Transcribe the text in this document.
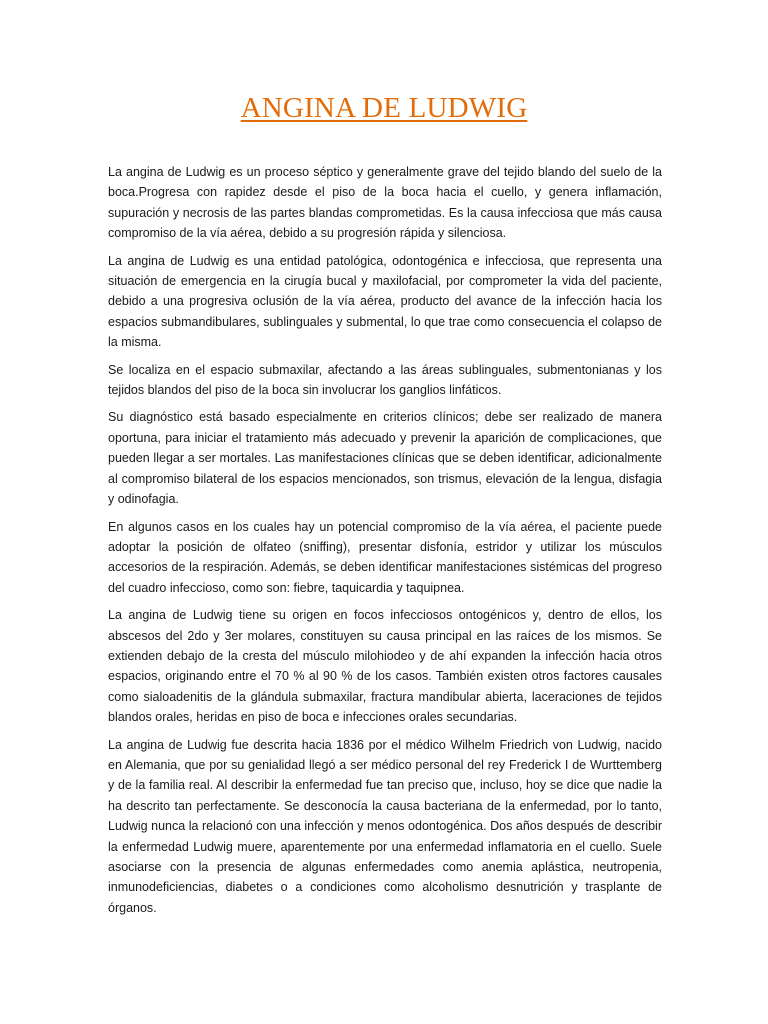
ANGINA DE LUDWIG

La angina de Ludwig es un proceso séptico y generalmente grave del tejido blando del suelo de la boca.Progresa con rapidez desde el piso de la boca hacia el cuello, y genera inflamación, supuración y necrosis de las partes blandas comprometidas. Es la causa infecciosa que más causa compromiso de la vía aérea, debido a su progresión rápida y silenciosa.

La angina de Ludwig es una entidad patológica, odontogénica e infecciosa, que representa una situación de emergencia en la cirugía bucal y maxilofacial, por comprometer la vida del paciente, debido a una progresiva oclusión de la vía aérea, producto del avance de la infección hacia los espacios submandibulares, sublinguales y submental, lo que trae como consecuencia el colapso de la misma.

Se localiza en el espacio submaxilar, afectando a las áreas sublinguales, submentonianas y los tejidos blandos del piso de la boca sin involucrar los ganglios linfáticos.

Su diagnóstico está basado especialmente en criterios clínicos; debe ser realizado de manera oportuna, para iniciar el tratamiento más adecuado y prevenir la aparición de complicaciones, que pueden llegar a ser mortales. Las manifestaciones clínicas que se deben identificar, adicionalmente al compromiso bilateral de los espacios mencionados, son trismus, elevación de la lengua, disfagia y odinofagia.

En algunos casos en los cuales hay un potencial compromiso de la vía aérea, el paciente puede adoptar la posición de olfateo (sniffing), presentar disfonía, estridor y utilizar los músculos accesorios de la respiración. Además, se deben identificar manifestaciones sistémicas del progreso del cuadro infeccioso, como son: fiebre, taquicardia y taquipnea.

La angina de Ludwig tiene su origen en focos infecciosos ontogénicos y, dentro de ellos, los abscesos del 2do y 3er molares, constituyen su causa principal en las raíces de los mismos. Se extienden debajo de la cresta del músculo milohiodeo y de ahí expanden la infección hacia otros espacios, originando entre el 70 % al 90 % de los casos. También existen otros factores causales como sialoadenitis de la glándula submaxilar, fractura mandibular abierta, laceraciones de tejidos blandos orales, heridas en piso de boca e infecciones orales secundarias.

La angina de Ludwig fue descrita hacia 1836 por el médico Wilhelm Friedrich von Ludwig, nacido en Alemania, que por su genialidad llegó a ser médico personal del rey Frederick I de Wurttemberg y de la familia real. Al describir la enfermedad fue tan preciso que, incluso, hoy se dice que nadie la ha descrito tan perfectamente. Se desconocía la causa bacteriana de la enfermedad, por lo tanto, Ludwig nunca la relacionó con una infección y menos odontogénica. Dos años después de describir la enfermedad Ludwig muere, aparentemente por una enfermedad inflamatoria en el cuello. Suele asociarse con la presencia de algunas enfermedades como anemia aplástica, neutropenia, inmunodeficiencias, diabetes o a condiciones como alcoholismo desnutrición y trasplante de órganos.
